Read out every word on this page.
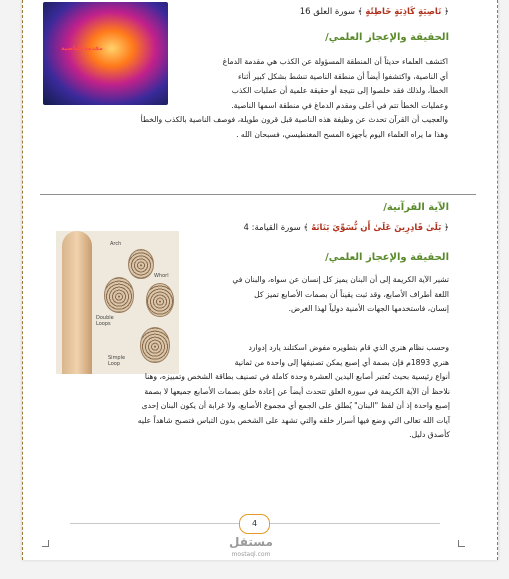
مقدمة الناصية
﴿ نَاصِيَةٍ كَاذِبَةٍ خَاطِئَةٍ ﴾ سورة العلق 16
الحقيقة والإعجاز العلمي/
اكتشف العلماء حديثاً أن المنطقة المسؤولة عن الكذب هي مقدمة الدماغ
أي الناصية، واكتشفوا أيضاً أن منطقة الناصية تنشط بشكل كبير أثناء
الخطأ، ولذلك فقد خلصوا إلى نتيجة أو حقيقة علمية أن عمليات الكذب
وعمليات الخطأ تتم في أعلى ومقدم الدماغ في منطقة اسمها الناصية.
والعجيب أن القرآن تحدث عن وظيفة هذه الناصية قبل قرون طويلة، فوصف الناصية بالكذب والخطأ
وهذا ما يراه العلماء اليوم بأجهزة المسح المغنطيسي، فسبحان الله .
الآية القرآنية/
﴿ بَلَىٰ قَادِرِينَ عَلَىٰ أَن نُّسَوِّيَ بَنَانَهُ ﴾ سورة القيامة: 4
الحقيقة والإعجاز العلمي/
Arch
Whorl
Double Loops
Simple Loop
تشير الآية الكريمة إلى أن البنان يميز كل إنسان عن سواه، والبنان في
اللغة أطراف الأصابع، وقد ثبت يقيناً أن بصمات الأصابع تميز كل
إنسان، فاستخدمها الجهات الأمنية دولياً لهذا الغرض.
وحسب نظام هنري الذي قام بتطويره مفوض اسكتلند يارد إدوارد
هنري 1893م فإن بصمة أي إصبع يمكن تصنيفها إلى واحدة من ثمانية
أنواع رئيسية بحيث تُعتبر أصابع اليدين العشرة وحدة كاملة في تصنيف بطاقة الشخص وتمييزه، وهنا
نلاحظ أن الآية الكريمة في سورة العلق تتحدث أيضاً عن إعادة خلق بصمات الأصابع جميعها لا بصمة
إصبع واحدة إذ أن لفظ "البنان" يُطلق على الجمع أي مجموع الأصابع، ولا غرابة أن يكون البنان إحدى
آيات الله تعالى التي وضع فيها أسرار خلقه والتي تشهد على الشخص بدون التباس فتصبح شاهداً عليه
كأصدق دليل.
4
مستقل
mostaql.com
